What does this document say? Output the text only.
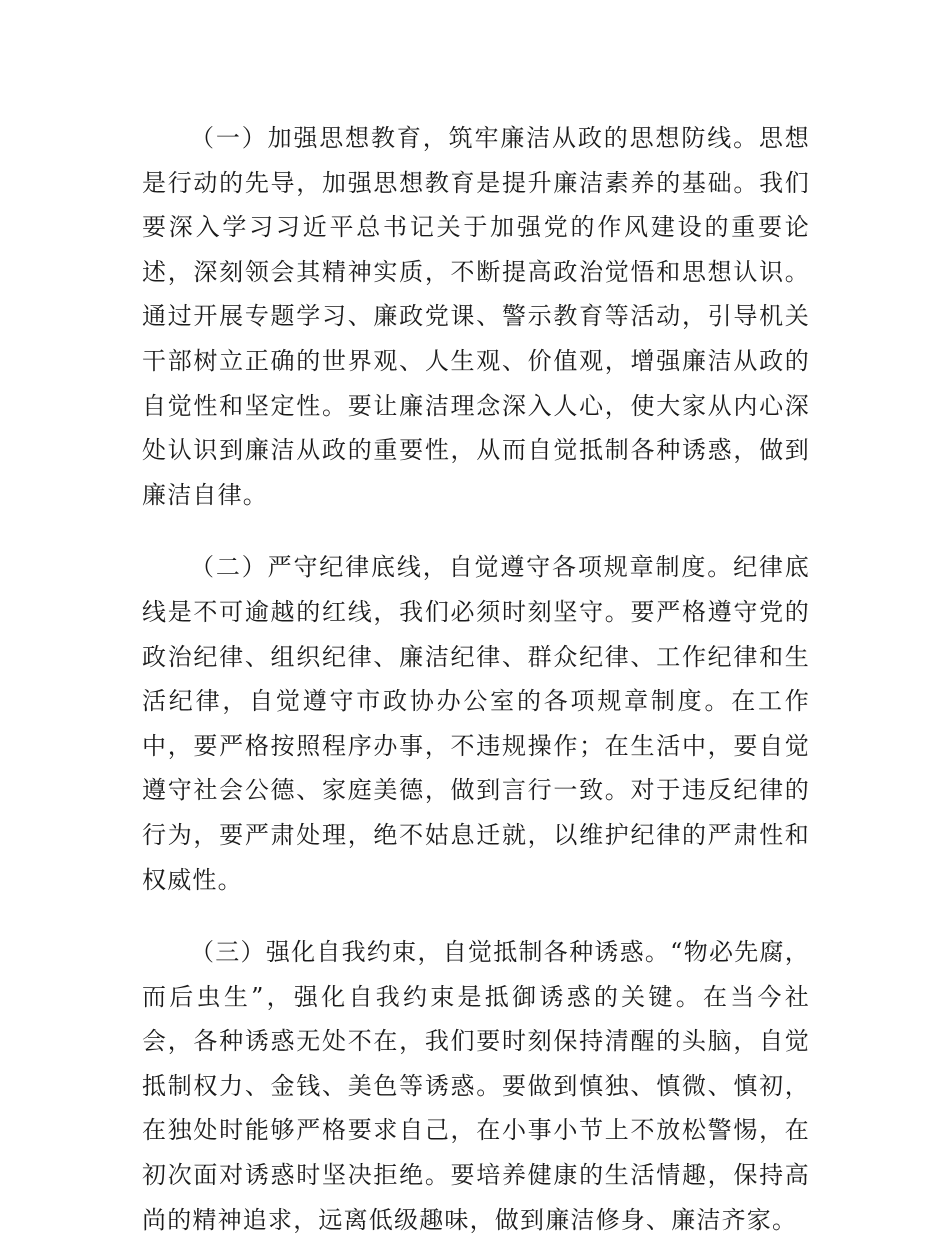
（一）加强思想教育，筑牢廉洁从政的思想防线。思想是行动的先导，加强思想教育是提升廉洁素养的基础。我们要深入学习习近平总书记关于加强党的作风建设的重要论述，深刻领会其精神实质，不断提高政治觉悟和思想认识。通过开展专题学习、廉政党课、警示教育等活动，引导机关干部树立正确的世界观、人生观、价值观，增强廉洁从政的自觉性和坚定性。要让廉洁理念深入人心，使大家从内心深处认识到廉洁从政的重要性，从而自觉抵制各种诱惑，做到廉洁自律。

（二）严守纪律底线，自觉遵守各项规章制度。纪律底线是不可逾越的红线，我们必须时刻坚守。要严格遵守党的政治纪律、组织纪律、廉洁纪律、群众纪律、工作纪律和生活纪律，自觉遵守市政协办公室的各项规章制度。在工作中，要严格按照程序办事，不违规操作；在生活中，要自觉遵守社会公德、家庭美德，做到言行一致。对于违反纪律的行为，要严肃处理，绝不姑息迁就，以维护纪律的严肃性和权威性。

（三）强化自我约束，自觉抵制各种诱惑。“物必先腐，而后虫生”，强化自我约束是抵御诱惑的关键。在当今社会，各种诱惑无处不在，我们要时刻保持清醒的头脑，自觉抵制权力、金钱、美色等诱惑。要做到慎独、慎微、慎初，在独处时能够严格要求自己，在小事小节上不放松警惕，在初次面对诱惑时坚决拒绝。要培养健康的生活情趣，保持高尚的精神追求，远离低级趣味，做到廉洁修身、廉洁齐家。
